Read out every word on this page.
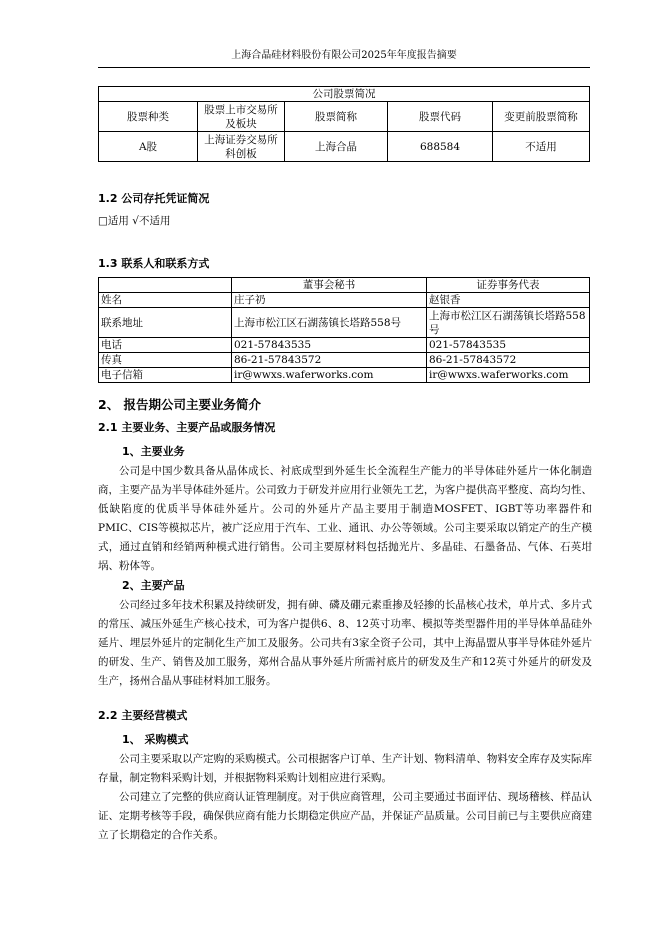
上海合晶硅材料股份有限公司2025年年度报告摘要
公司股票简况				
股票种类	股票上市交易所及板块	股票简称	股票代码	变更前股票简称
A股	上海证券交易所科创板	上海合晶	688584	不适用
1.2 公司存托凭证简况
□适用 √不适用
1.3 联系人和联系方式
	董事会秘书	证券事务代表
姓名	庄子礽	赵银香
联系地址	上海市松江区石湖荡镇长塔路558号	上海市松江区石湖荡镇长塔路558号
电话	021-57843535	021-57843535
传真	86-21-57843572	86-21-57843572
电子信箱	ir@wwxs.waferworks.com	ir@wwxs.waferworks.com
2、 报告期公司主要业务简介
2.1 主要业务、主要产品或服务情况
1、主要业务

公司是中国少数具备从晶体成长、衬底成型到外延生长全流程生产能力的半导体硅外延片一体化制造商，主要产品为半导体硅外延片。公司致力于研发并应用行业领先工艺，为客户提供高平整度、高均匀性、低缺陷度的优质半导体硅外延片。公司的外延片产品主要用于制造MOSFET、IGBT等功率器件和PMIC、CIS等模拟芯片，被广泛应用于汽车、工业、通讯、办公等领域。公司主要采取以销定产的生产模式，通过直销和经销两种模式进行销售。公司主要原材料包括抛光片、多晶硅、石墨备品、气体、石英坩埚、粉体等。

2、主要产品

公司经过多年技术积累及持续研发，拥有砷、磷及硼元素重掺及轻掺的长晶核心技术，单片式、多片式的常压、减压外延生产核心技术，可为客户提供6、8、12英寸功率、模拟等类型器件用的半导体单晶硅外延片、埋层外延片的定制化生产加工及服务。公司共有3家全资子公司，其中上海晶盟从事半导体硅外延片的研发、生产、销售及加工服务，郑州合晶从事外延片所需衬底片的研发及生产和12英寸外延片的研发及生产，扬州合晶从事硅材料加工服务。

2.2 主要经营模式
1、 采购模式

公司主要采取以产定购的采购模式。公司根据客户订单、生产计划、物料清单、物料安全库存及实际库存量，制定物料采购计划，并根据物料采购计划相应进行采购。

公司建立了完整的供应商认证管理制度。对于供应商管理，公司主要通过书面评估、现场稽核、样品认证、定期考核等手段，确保供应商有能力长期稳定供应产品，并保证产品质量。公司目前已与主要供应商建立了长期稳定的合作关系。
